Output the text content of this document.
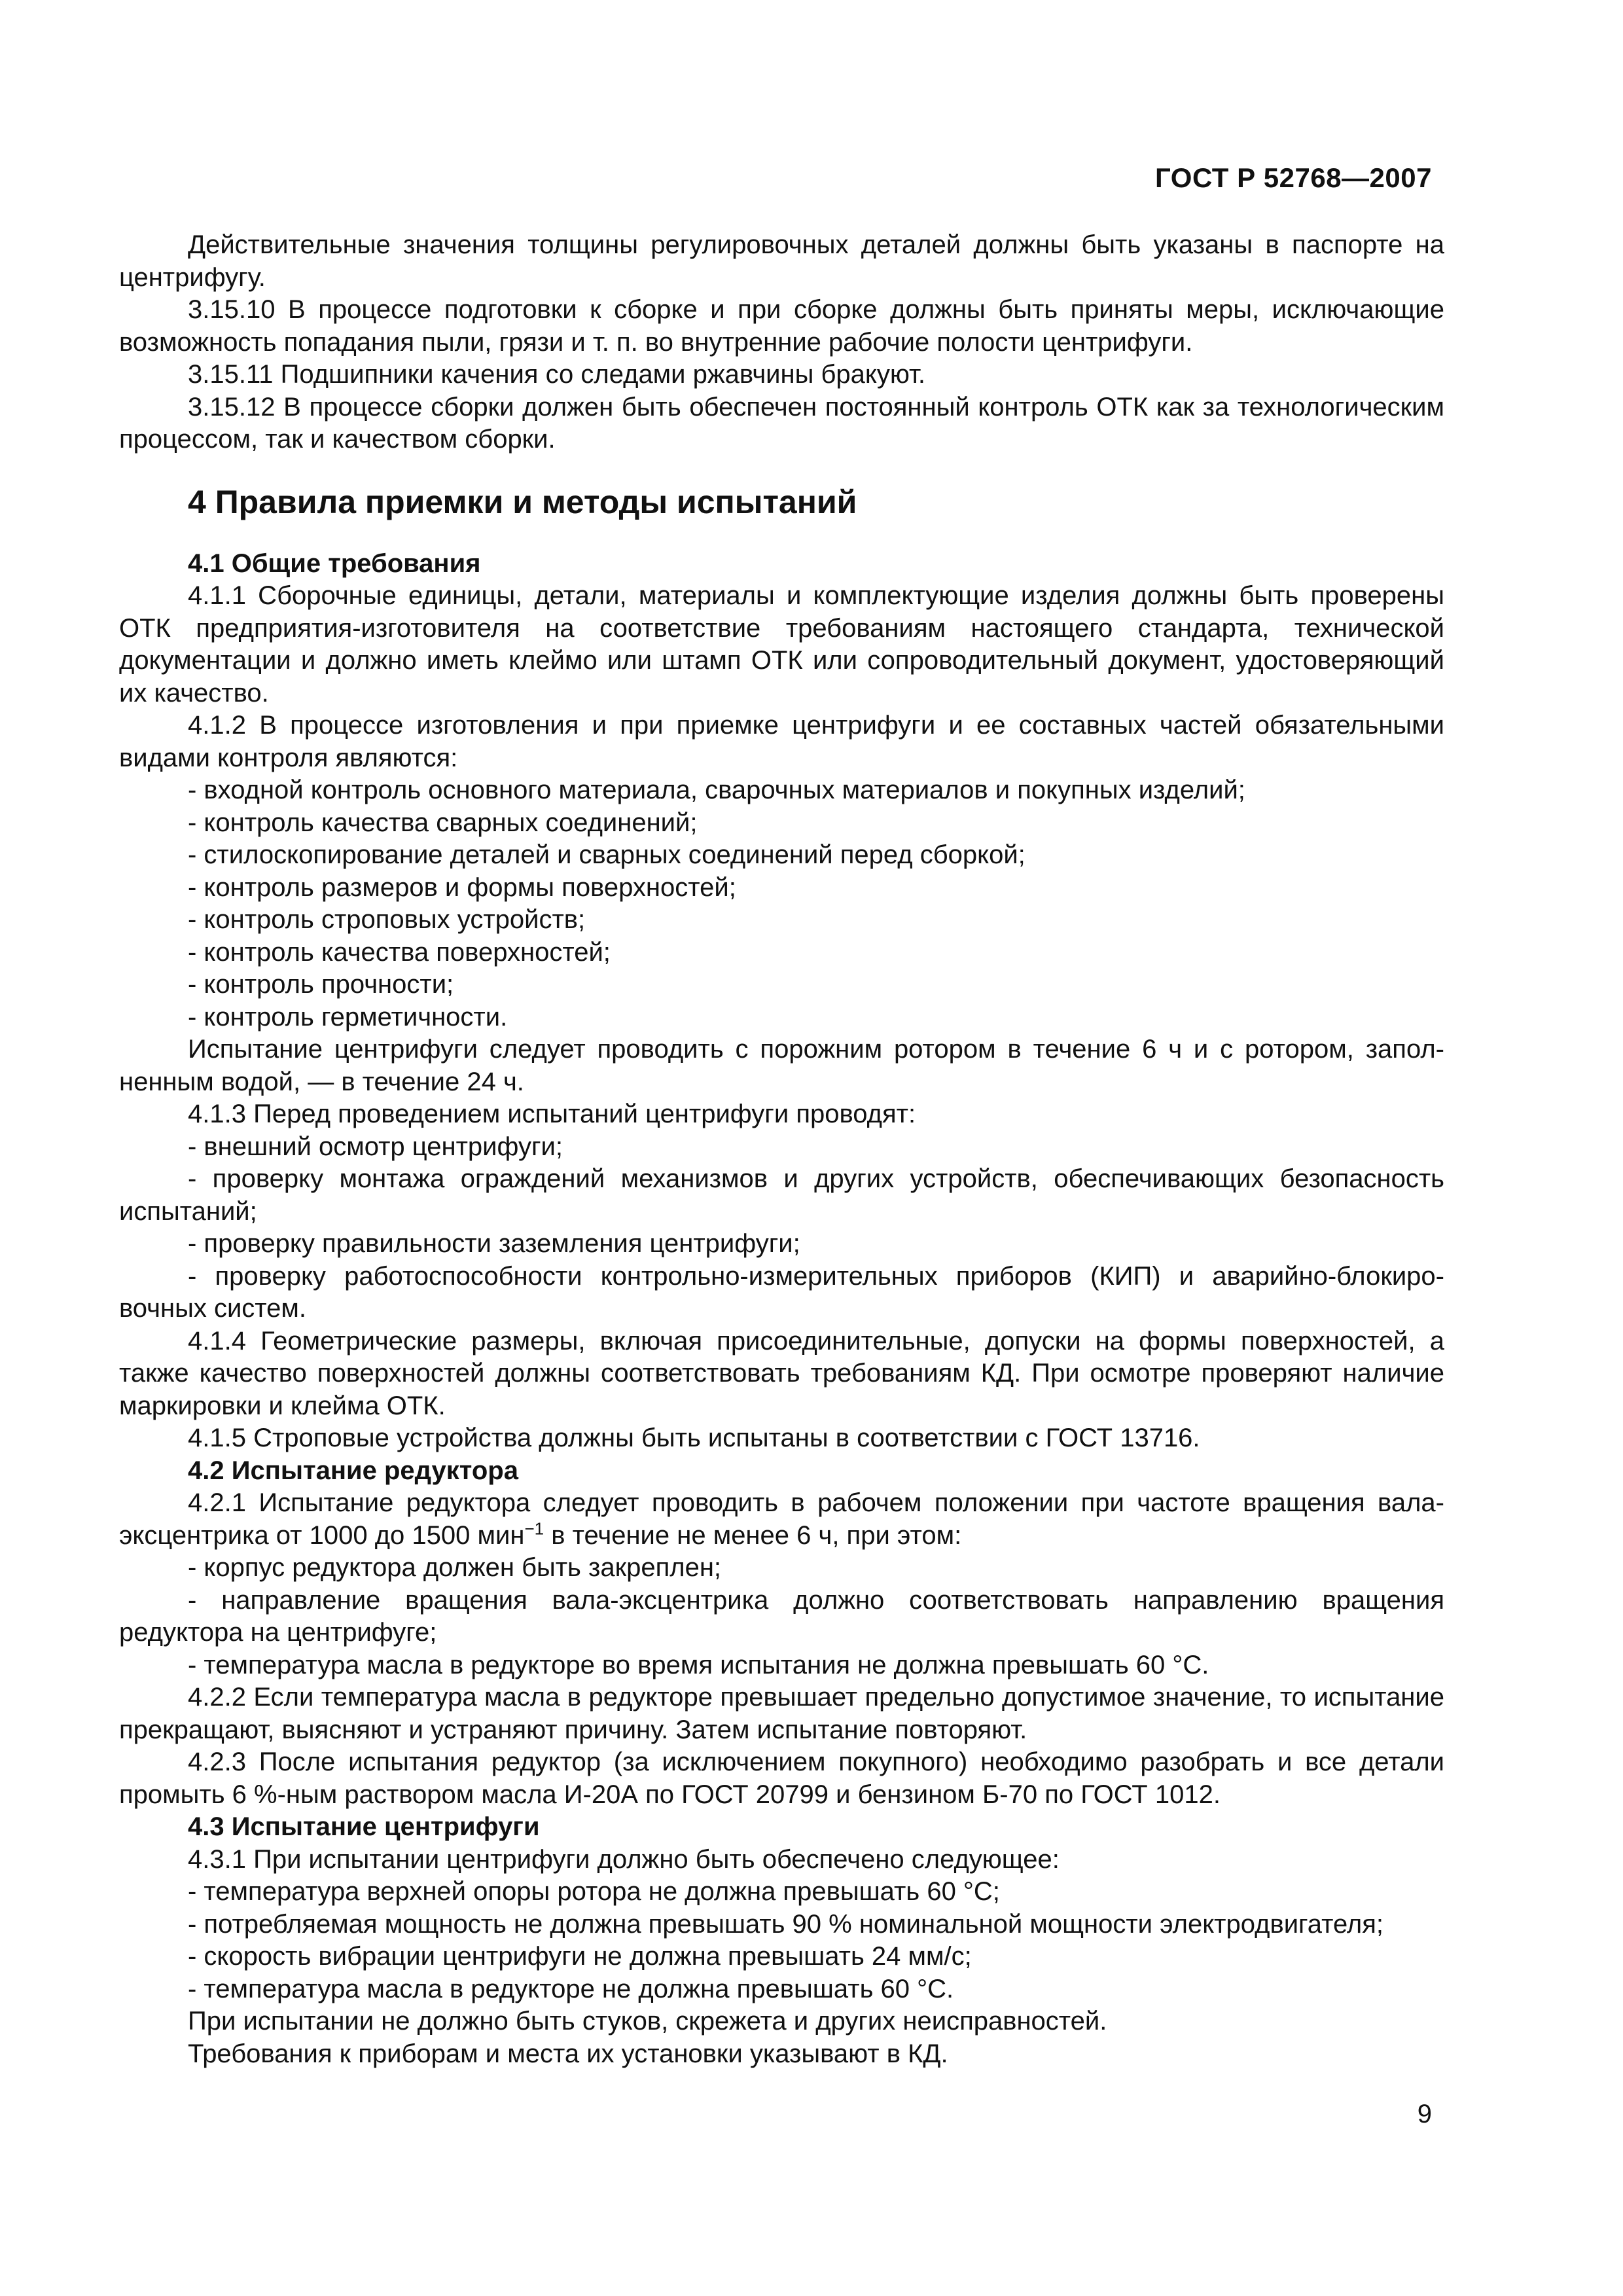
ГОСТ Р 52768—2007

Действительные значения толщины регулировочных деталей должны быть указаны в паспорте на центрифугу.

3.15.10 В процессе подготовки к сборке и при сборке должны быть приняты меры, исключающие возможность попадания пыли, грязи и т. п. во внутренние рабочие полости центрифуги.

3.15.11 Подшипники качения со следами ржавчины бракуют.

3.15.12 В процессе сборки должен быть обеспечен постоянный контроль ОТК как за технологическим процессом, так и качеством сборки.

4 Правила приемки и методы испытаний
4.1 Общие требования

4.1.1 Сборочные единицы, детали, материалы и комплектующие изделия должны быть проверены ОТК предприятия-изготовителя на соответствие требованиям настоящего стандарта, технической документации и должно иметь клеймо или штамп ОТК или сопроводительный документ, удостоверяющий их качество.

4.1.2 В процессе изготовления и при приемке центрифуги и ее составных частей обязательными видами контроля являются:

- входной контроль основного материала, сварочных материалов и покупных изделий;

- контроль качества сварных соединений;

- стилоскопирование деталей и сварных соединений перед сборкой;

- контроль размеров и формы поверхностей;

- контроль строповых устройств;

- контроль качества поверхностей;

- контроль прочности;

- контроль герметичности.

Испытание центрифуги следует проводить с порожним ротором в течение 6 ч и с ротором, заполненным водой, — в течение 24 ч.

4.1.3 Перед проведением испытаний центрифуги проводят:

- внешний осмотр центрифуги;

- проверку монтажа ограждений механизмов и других устройств, обеспечивающих безопасность испытаний;

- проверку правильности заземления центрифуги;

- проверку работоспособности контрольно-измерительных приборов (КИП) и аварийно-блокировочных систем.

4.1.4 Геометрические размеры, включая присоединительные, допуски на формы поверхностей, а также качество поверхностей должны соответствовать требованиям КД. При осмотре проверяют наличие маркировки и клейма ОТК.

4.1.5 Строповые устройства должны быть испытаны в соответствии с ГОСТ 13716.

4.2 Испытание редуктора

4.2.1 Испытание редуктора следует проводить в рабочем положении при частоте вращения вала-эксцентрика от 1000 до 1500 мин$^{-1}$ в течение не менее 6 ч, при этом:

- корпус редуктора должен быть закреплен;

- направление вращения вала-эксцентрика должно соответствовать направлению вращения редуктора на центрифуге;

- температура масла в редукторе во время испытания не должна превышать 60 °С.

4.2.2 Если температура масла в редукторе превышает предельно допустимое значение, то испытание прекращают, выясняют и устраняют причину. Затем испытание повторяют.

4.2.3 После испытания редуктор (за исключением покупного) необходимо разобрать и все детали промыть 6 %-ным раствором масла И-20А по ГОСТ 20799 и бензином Б-70 по ГОСТ 1012.

4.3 Испытание центрифуги

4.3.1 При испытании центрифуги должно быть обеспечено следующее:

- температура верхней опоры ротора не должна превышать 60 °С;

- потребляемая мощность не должна превышать 90 % номинальной мощности электродвигателя;

- скорость вибрации центрифуги не должна превышать 24 мм/с;

- температура масла в редукторе не должна превышать 60 °С.

При испытании не должно быть стуков, скрежета и других неисправностей.

Требования к приборам и места их установки указывают в КД.

9
